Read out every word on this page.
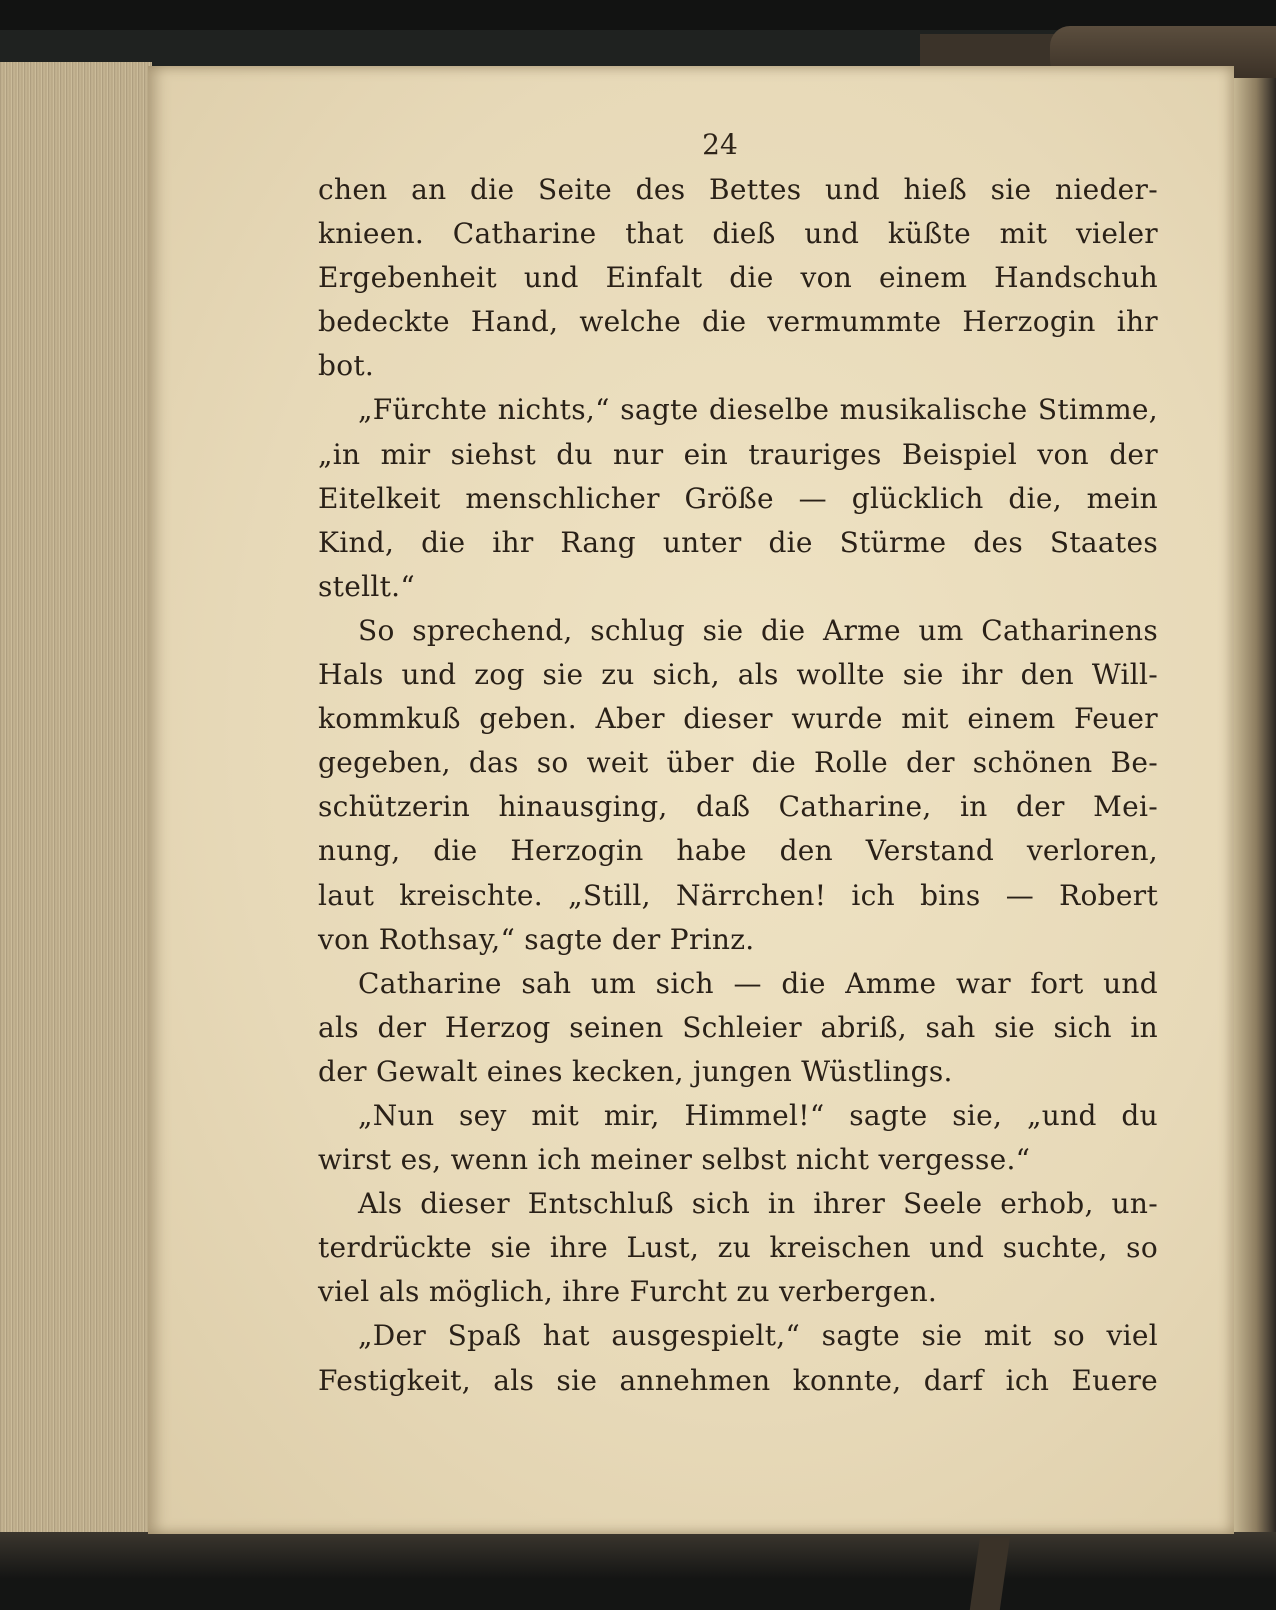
24
chen an die Seite des Bettes und hieß sie nieder-
knieen. Catharine that dieß und küßte mit vieler
Ergebenheit und Einfalt die von einem Handschuh
bedeckte Hand, welche die vermummte Herzogin ihr
bot.
„Fürchte nichts,“ sagte dieselbe musikalische Stimme,
„in mir siehst du nur ein trauriges Beispiel von der
Eitelkeit menschlicher Größe — glücklich die, mein
Kind, die ihr Rang unter die Stürme des Staates
stellt.“
So sprechend, schlug sie die Arme um Catharinens
Hals und zog sie zu sich, als wollte sie ihr den Will-
kommkuß geben. Aber dieser wurde mit einem Feuer
gegeben, das so weit über die Rolle der schönen Be-
schützerin hinausging, daß Catharine, in der Mei-
nung, die Herzogin habe den Verstand verloren,
laut kreischte. „Still, Närrchen! ich bins — Robert
von Rothsay,“ sagte der Prinz.
Catharine sah um sich — die Amme war fort und
als der Herzog seinen Schleier abriß, sah sie sich in
der Gewalt eines kecken, jungen Wüstlings.
„Nun sey mit mir, Himmel!“ sagte sie, „und du
wirst es, wenn ich meiner selbst nicht vergesse.“
Als dieser Entschluß sich in ihrer Seele erhob, un-
terdrückte sie ihre Lust, zu kreischen und suchte, so
viel als möglich, ihre Furcht zu verbergen.
„Der Spaß hat ausgespielt,“ sagte sie mit so viel
Festigkeit, als sie annehmen konnte, darf ich Euere
